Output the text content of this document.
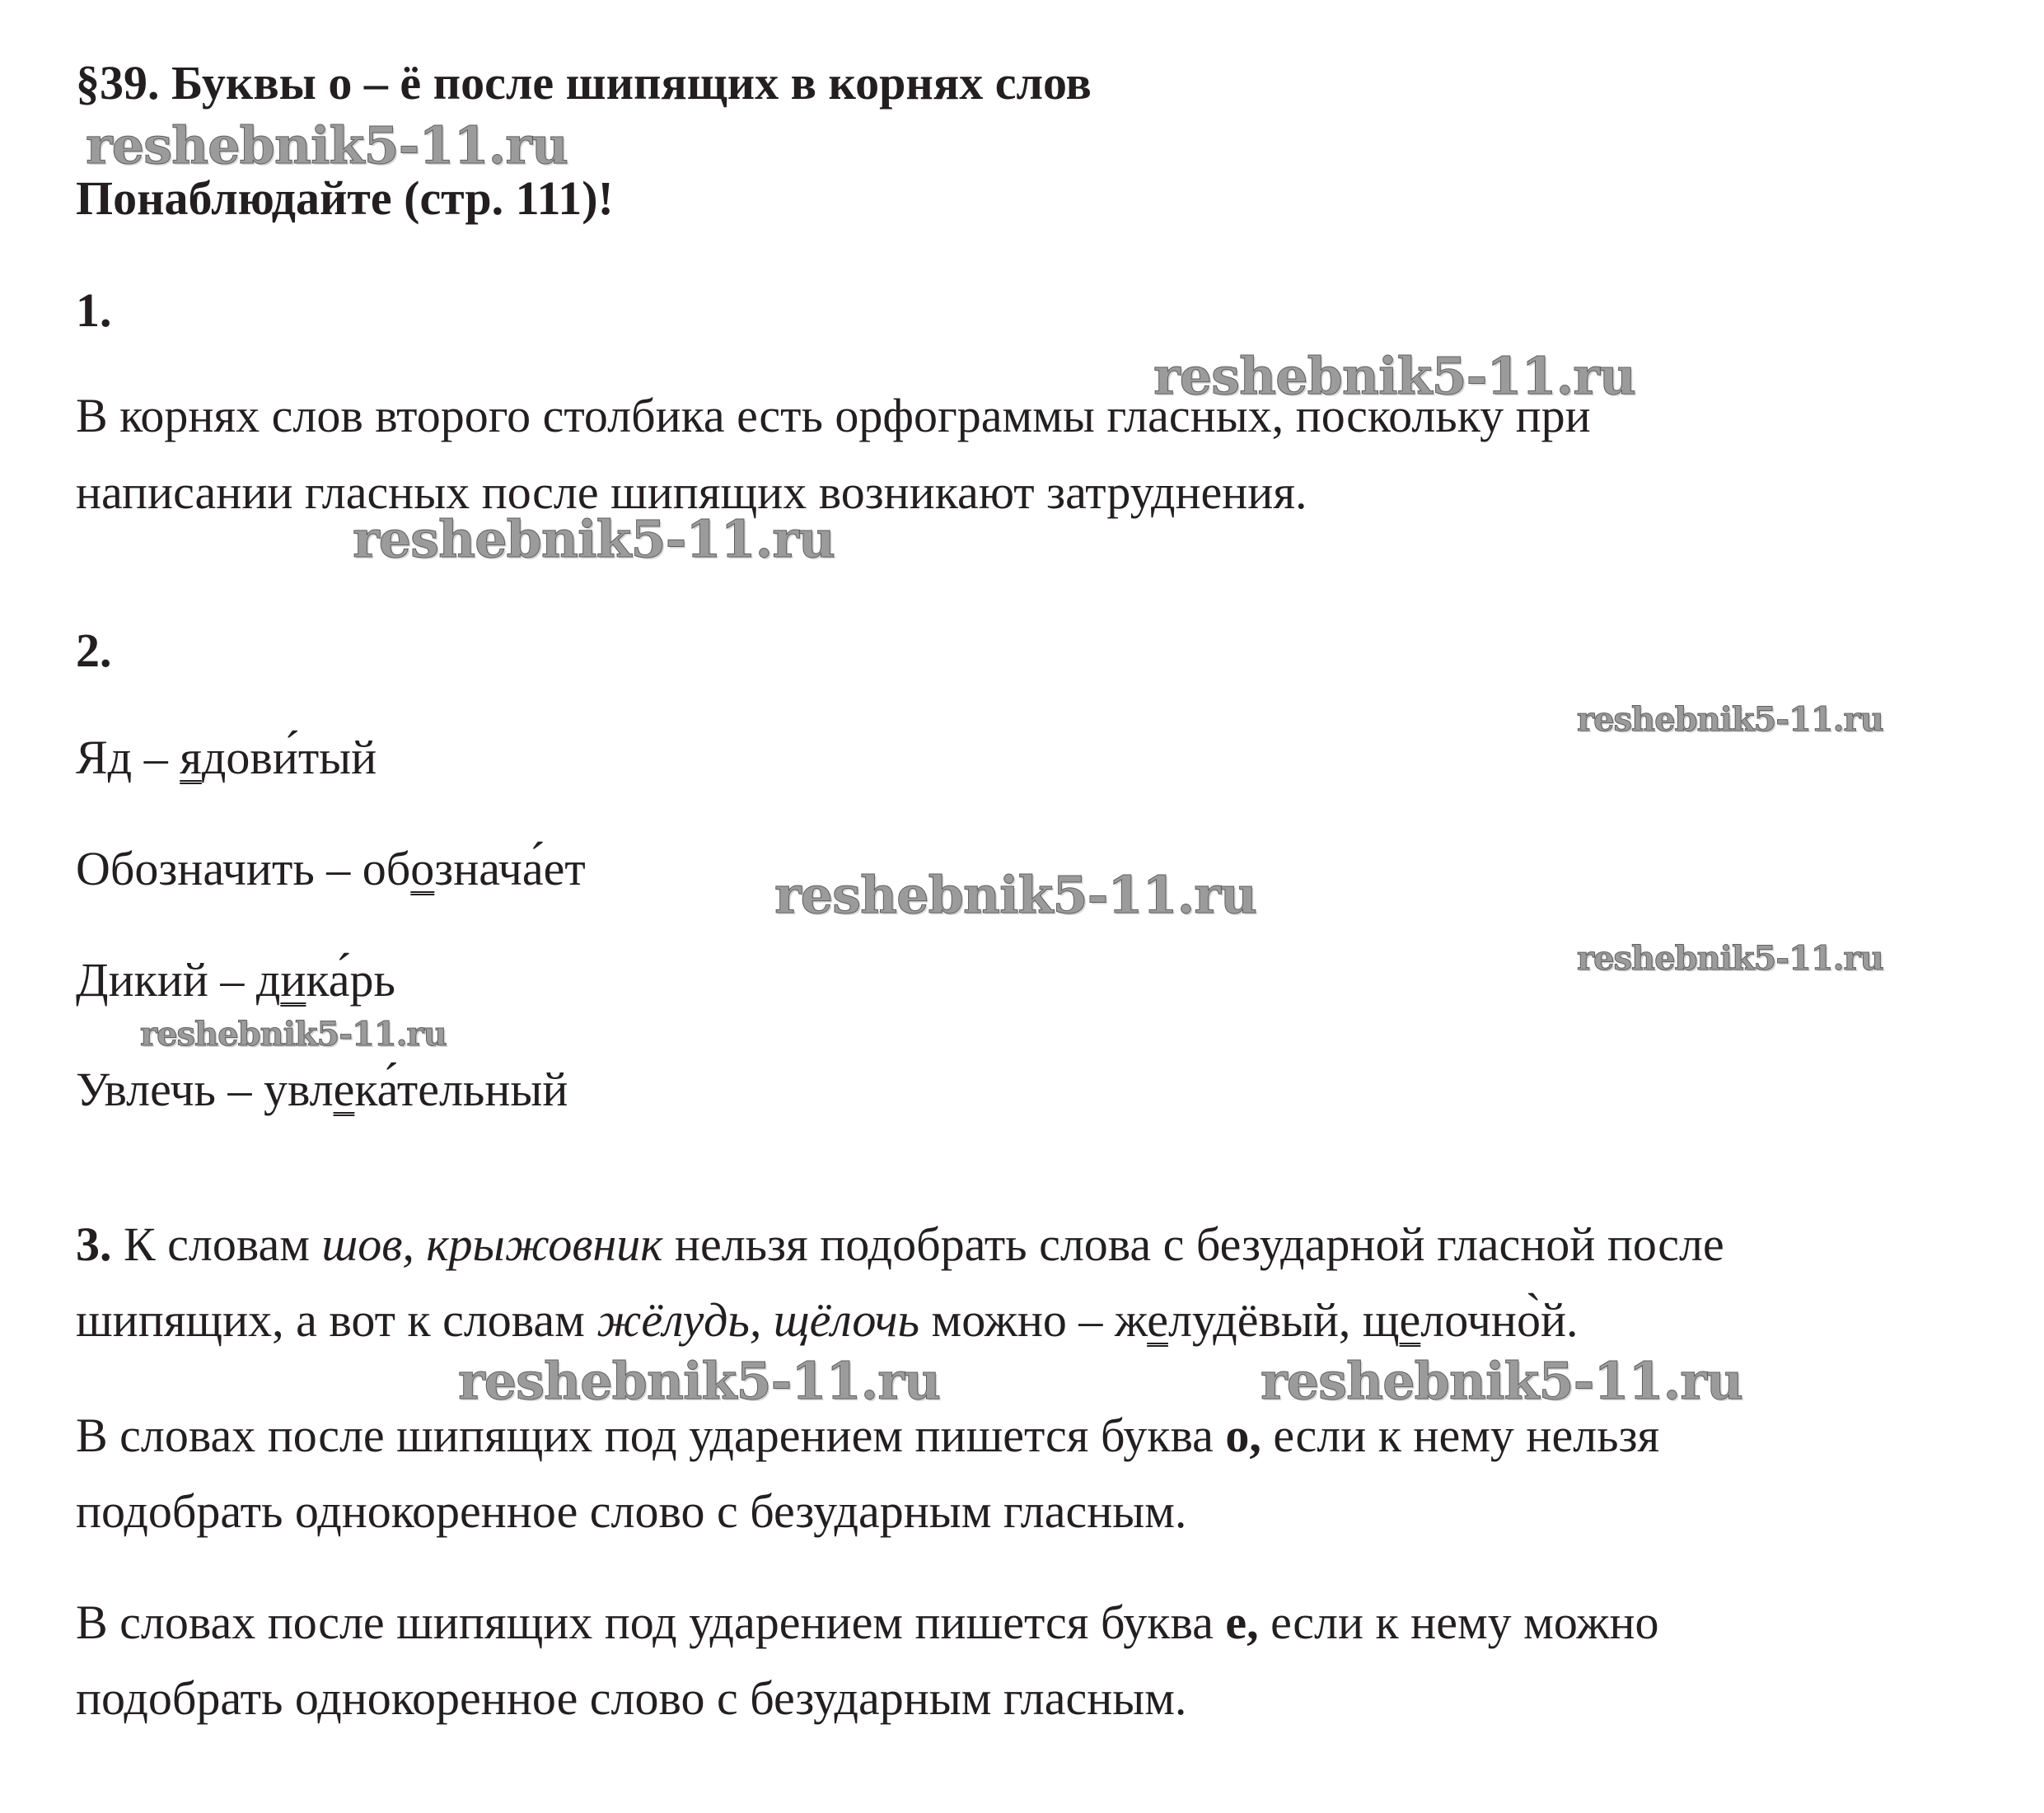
§39. Буквы о – ё после шипящих в корнях слов
reshebnik5-11.ru
Понаблюдайте (стр. 111)!
1.
reshebnik5-11.ru
В корнях слов второго столбика есть орфограммы гласных, поскольку при
написании гласных после шипящих возникают затруднения.
reshebnik5-11.ru
2.
reshebnik5-11.ru
Яд – ядови́тый
Обозначить – обознача́ет	reshebnik5-11.ru
reshebnik5-11.ru
Дикий – дика́рь
reshebnik5-11.ru
Увлечь – увлека́тельный
3. К словам шов, крыжовник нельзя подобрать слова с безударной гласной после
шипящих, а вот к словам жёлудь, щёлочь можно – желудёвый, щелочно̀й.
reshebnik5-11.ru	reshebnik5-11.ru
В словах после шипящих под ударением пишется буква о, если к нему нельзя
подобрать однокоренное слово с безударным гласным.
В словах после шипящих под ударением пишется буква е, если к нему можно
подобрать однокоренное слово с безударным гласным.
